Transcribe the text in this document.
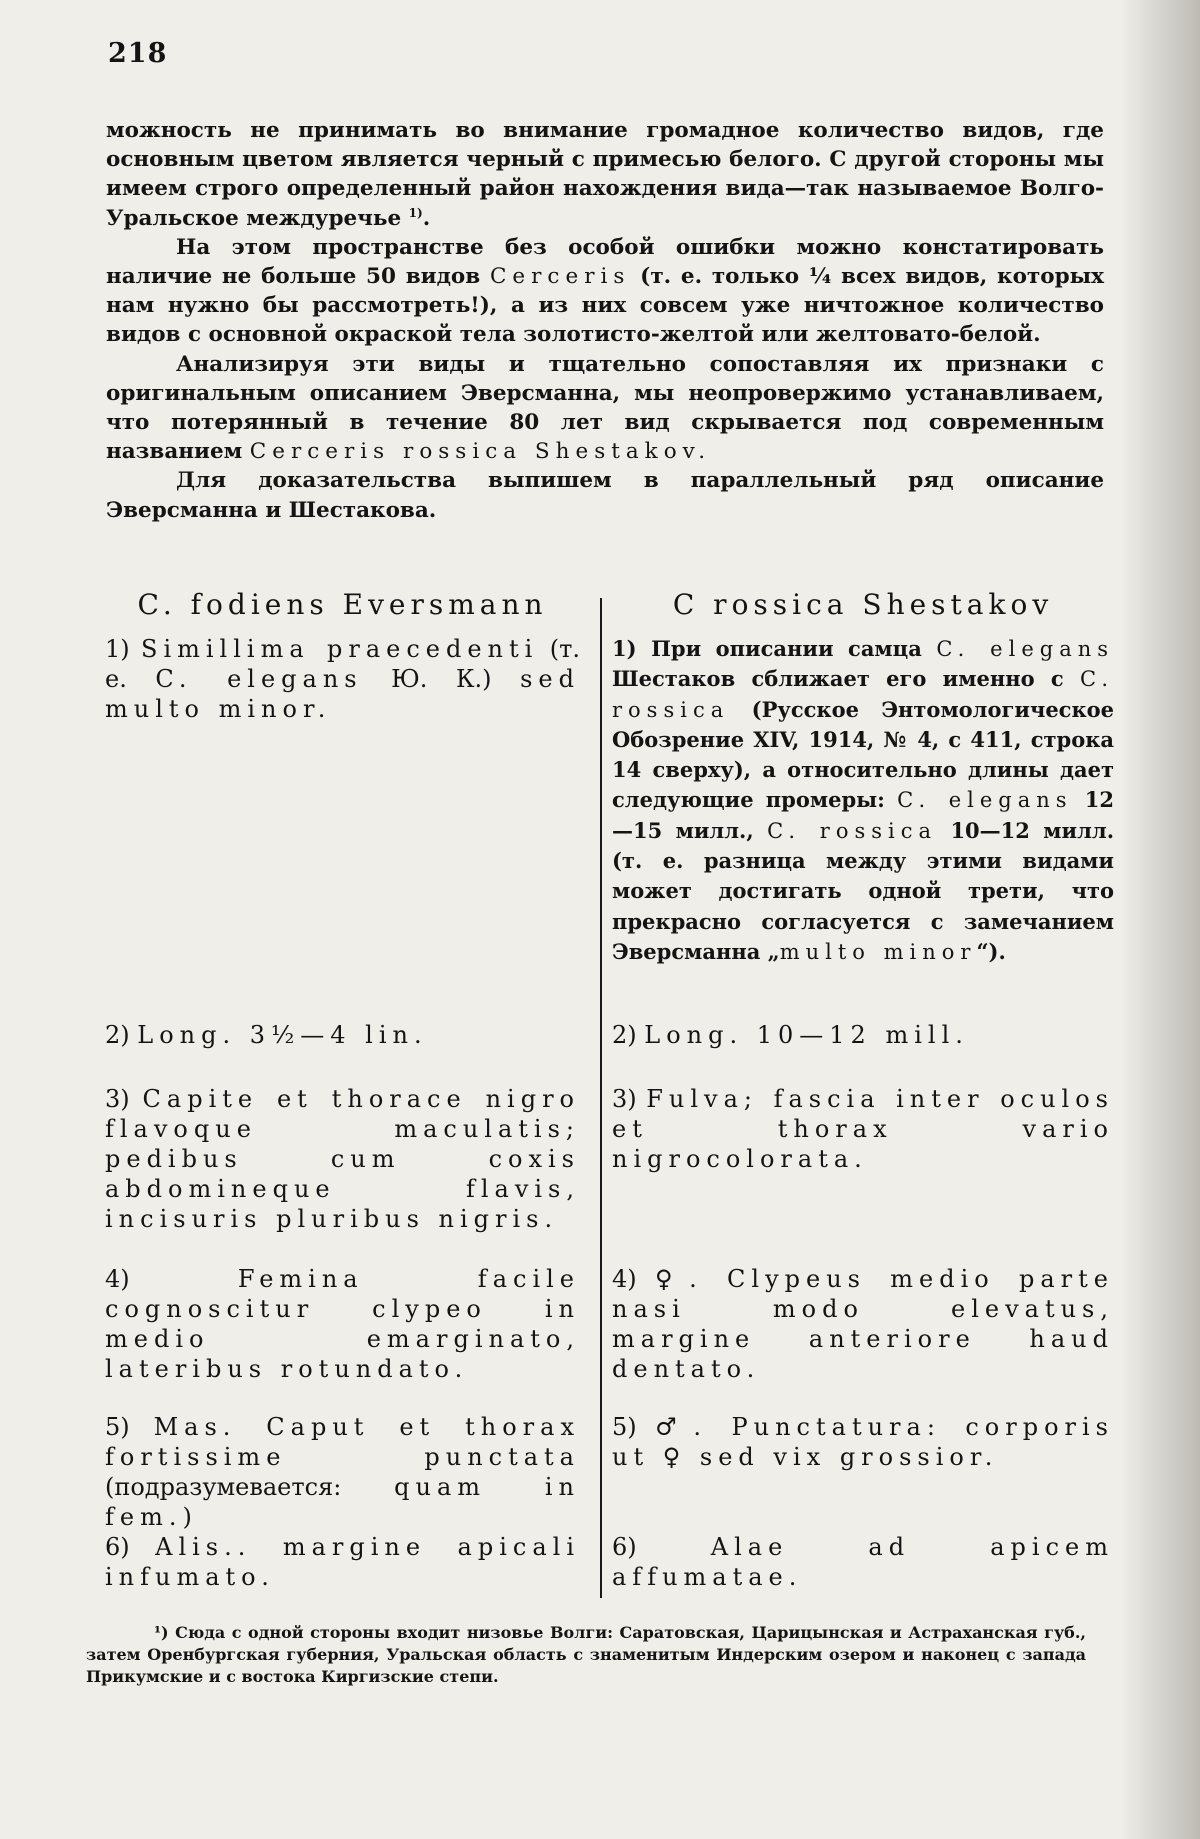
218

можность не принимать во внимание громадное количество видов, где основным цветом является черный с примесью белого. С другой стороны мы имеем строго определенный район нахождения вида—так называемое Волго-Уральское междуречье 1).

На этом пространстве без особой ошибки можно констатировать наличие не больше 50 видов Cerceris (т. е. только ¼ всех видов, которых нам нужно бы рассмотреть!), а из них совсем уже ничтожное количество видов с основной окраской тела золотисто-желтой или желтовато-белой.

Анализируя эти виды и тщательно сопоставляя их признаки с оригинальным описанием Эверсманна, мы неопровержимо устанавливаем, что потерянный в течение 80 лет вид скрывается под современным названием Cerceris rossica Shestakov.

Для доказательства выпишем в параллельный ряд описание Эверсманна и Шестакова.

C. fodiens Eversmann
1) Simillima praecedenti (т. е. C. elegans Ю. К.) sed multo minor.
2) Long. 3½—4 lin.
3) Capite et thorace nigro flavoque maculatis; pedibus cum coxis abdomineque flavis, incisuris pluribus nigris.
4)	Femina facile cognoscitur clypeo in medio emarginato, lateribus rotundato.
5) Mas. Caput et thorax fortissime punctata (подразумевается: quam in fem.)
6) Alis.. margine apicali infumato.
C rossica Shestakov
1) При описании самца C. elegans Шестаков сближает его именно с C. rossica (Русское Энтомологическое Обозрение XIV, 1914, № 4, с 411, строка 14 сверху), а относительно длины дает следующие промеры: C. elegans 12—15 милл., C. rossica 10—12 милл. (т. е. разница между этими видами может достигать одной трети, что прекрасно согласуется с замечанием Эверсманна „multo minor“).
2) Long. 10—12 mill.
3) Fulva; fascia inter oculos et thorax vario nigrocolorata.
4) ♀. Clypeus medio parte nasi modo elevatus, margine anteriore haud dentato.
5) ♂. Punctatura: corporis ut ♀ sed vix grossior.
6)	Alae ad apicem affumatae.

¹) Сюда с одной стороны входит низовье Волги: Саратовская, Царицынская и Астраханская губ., затем Оренбургская губерния, Уральская область с знаменитым Индерским озером и наконец с запада Прикумские и с востока Киргизские степи.
